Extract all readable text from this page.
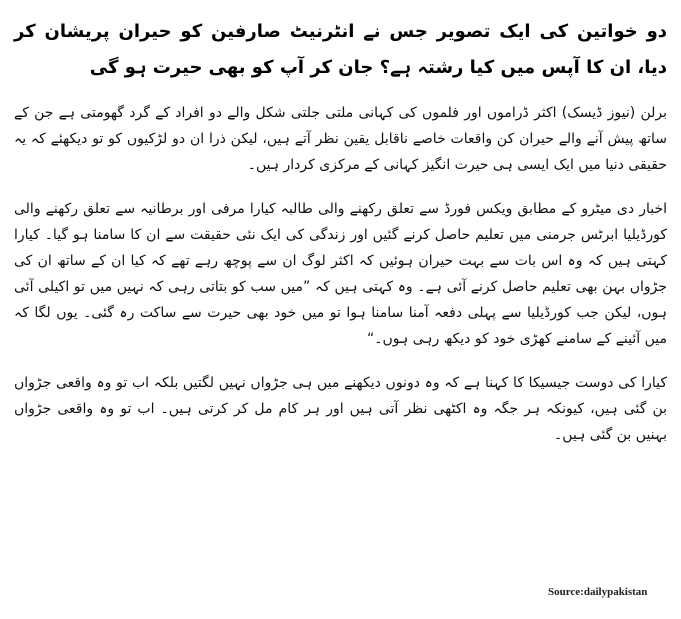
دو خواتین کی ایک تصویر جس نے انٹرنیٹ صارفین کو حیران پریشان کر دیا، ان کا آپس میں کیا رشتہ ہے؟ جان کر آپ کو بھی حیرت ہو گی

برلن (نیوز ڈیسک) اکثر ڈراموں اور فلموں کی کہانی ملتی جلتی شکل والے دو افراد کے گرد گھومتی ہے جن کے ساتھ پیش آنے والے حیران کن واقعات خاصے ناقابل یقین نظر آتے ہیں، لیکن ذرا ان دو لڑکیوں کو تو دیکھئے کہ یہ حقیقی دنیا میں ایک ایسی ہی حیرت انگیز کہانی کے مرکزی کردار ہیں۔

اخبار دی میٹرو کے مطابق ویکس فورڈ سے تعلق رکھنے والی طالبہ کیارا مرفی اور برطانیہ سے تعلق رکھنے والی کورڈیلیا ابرٹس جرمنی میں تعلیم حاصل کرنے گئیں اور زندگی کی ایک نئی حقیقت سے ان کا سامنا ہو گیا۔ کیارا کہتی ہیں کہ وہ اس بات سے بہت حیران ہوئیں کہ اکثر لوگ ان سے پوچھ رہے تھے کہ کیا ان کے ساتھ ان کی جڑواں بہن بھی تعلیم حاصل کرنے آئی ہے۔ وہ کہتی ہیں کہ ”میں سب کو بتاتی رہی کہ نہیں میں تو اکیلی آئی ہوں، لیکن جب کورڈیلیا سے پہلی دفعہ آمنا سامنا ہوا تو میں خود بھی حیرت سے ساکت رہ گئی۔ یوں لگا کہ میں آئینے کے سامنے کھڑی خود کو دیکھ رہی ہوں۔“

کیارا کی دوست جیسیکا کا کہنا ہے کہ وہ دونوں دیکھنے میں ہی جڑواں نہیں لگتیں بلکہ اب تو وہ واقعی جڑواں بن گئی ہیں، کیونکہ ہر جگہ وہ اکٹھی نظر آتی ہیں اور ہر کام مل کر کرتی ہیں۔ اب تو وہ واقعی جڑواں بہنیں بن گئی ہیں۔

Source:dailypakistan
